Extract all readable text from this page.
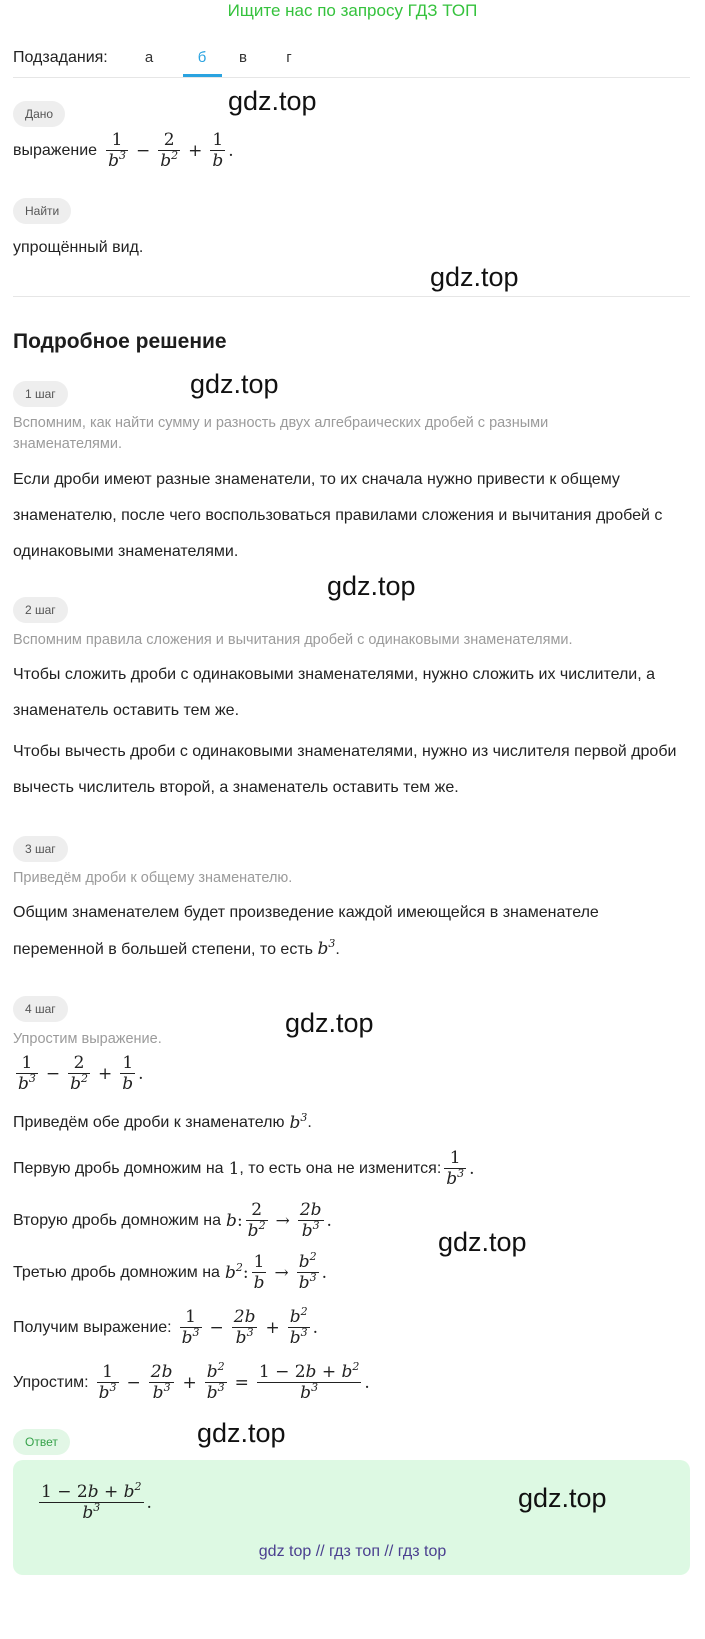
Ищите нас по запросу ГДЗ ТОП
Подзадания:	а	б	в	г
Дано	gdz.top
выражение $\frac{1}{b^3} - \frac{2}{b^2} + \frac{1}{b}$ .
Найти
упрощённый вид.
gdz.top
Подробное решение
1 шаг	gdz.top
Вспомним, как найти сумму и разность двух алгебраических дробей с разными знаменателями.
Если дроби имеют разные знаменатели, то их сначала нужно привести к общему знаменателю, после чего воспользоваться правилами сложения и вычитания дробей с одинаковыми знаменателями.
gdz.top
2 шаг
Вспомним правила сложения и вычитания дробей с одинаковыми знаменателями.
Чтобы сложить дроби с одинаковыми знаменателями, нужно сложить их числители, а знаменатель оставить тем же.
Чтобы вычесть дроби с одинаковыми знаменателями, нужно из числителя первой дроби вычесть числитель второй, а знаменатель оставить тем же.
3 шаг
Приведём дроби к общему знаменателю.
Общим знаменателем будет произведение каждой имеющейся в знаменателе переменной в большей степени, то есть $b^3$.
4 шаг	gdz.top
Упростим выражение.
$\frac{1}{b^3} - \frac{2}{b^2} + \frac{1}{b}$ .
Приведём обе дроби к знаменателю $b^3$ .
Первую дробь домножим на 1 , то есть она не изменится: $\frac{1}{b^3}$ .
Вторую дробь домножим на b : $\frac{2}{b^2} \to \frac{2b}{b^3}$ .
gdz.top
Третью дробь домножим на $b^2$ : $\frac{1}{b} \to \frac{b^2}{b^3}$ .
Получим выражение: $\frac{1}{b^3} - \frac{2b}{b^3} + \frac{b^2}{b^3}$ .
Упростим: $\frac{1}{b^3} - \frac{2b}{b^3} + \frac{b^2}{b^3} = \frac{1 - 2b + b^2}{b^3}$ .
Ответ	gdz.top
$\frac{1 - 2b + b^2}{b^3}$ .	gdz.top
gdz top // гдз топ // гдз top
